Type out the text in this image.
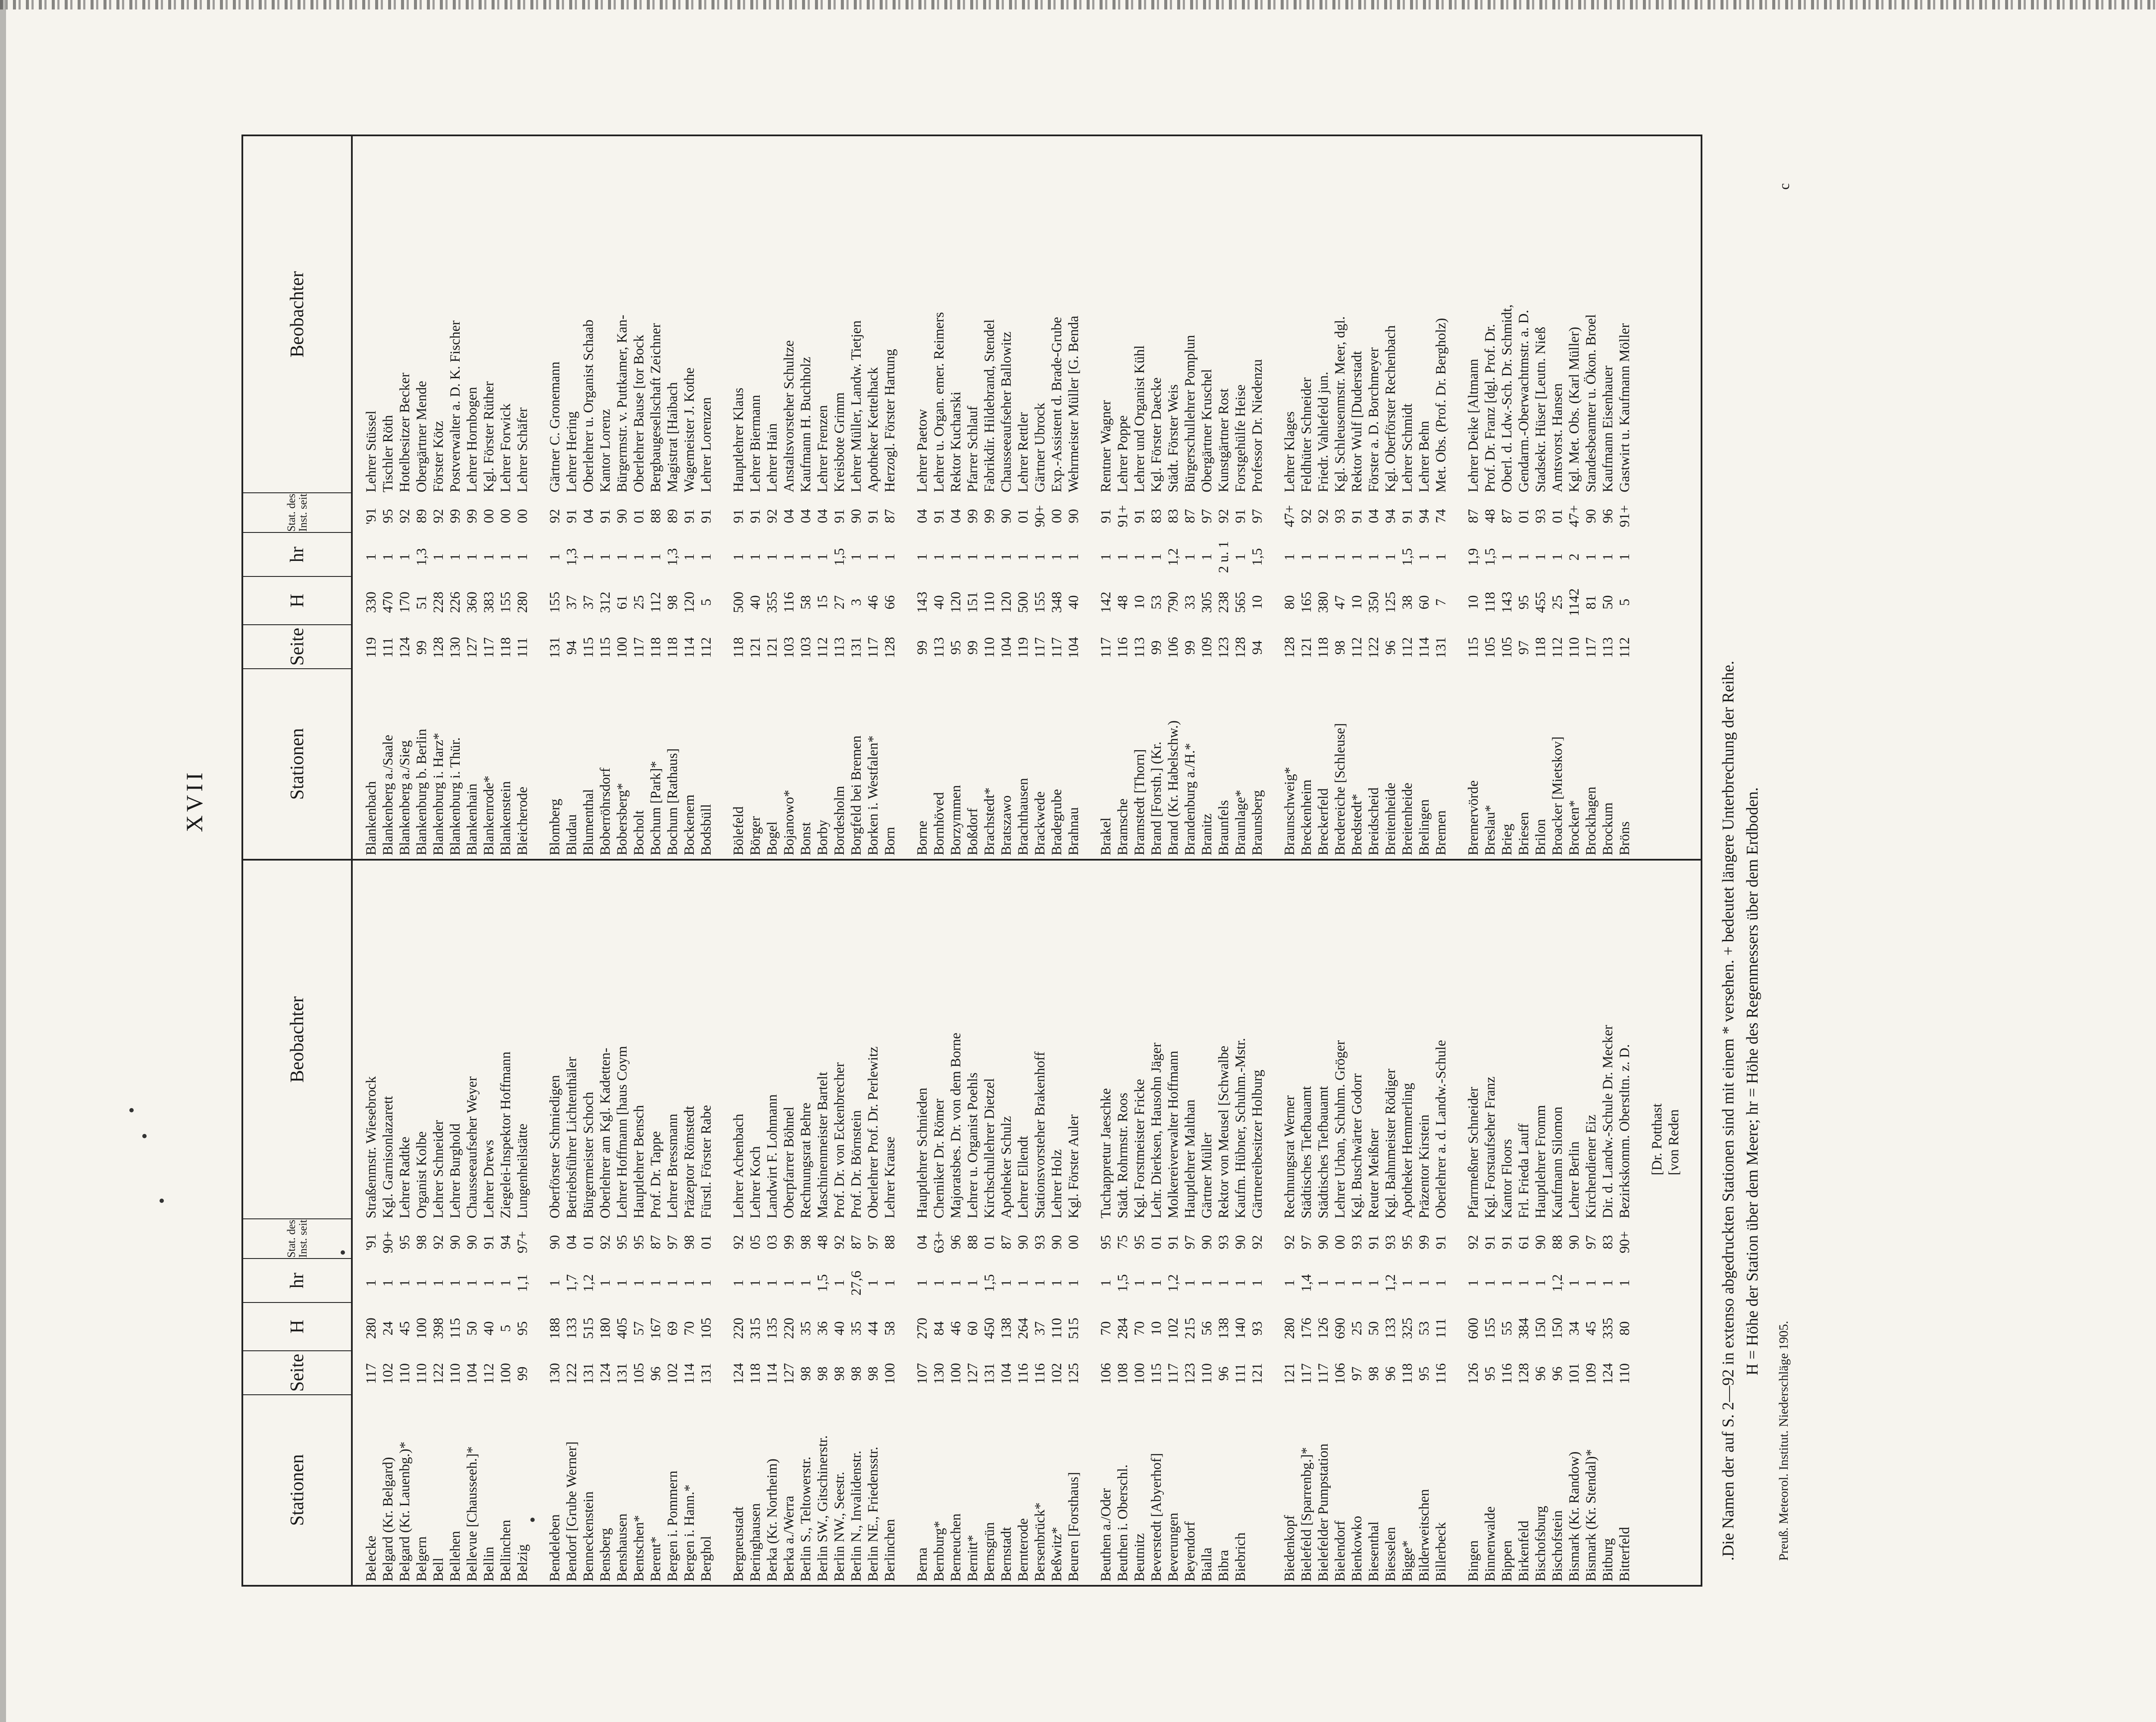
XVII
Stationen
Seite
H
hr
Stat. des Inst. seit
Beobachter
Belecke
117
280
1
'91
Straßenmstr. Wiesebrock
Belgard (Kr. Belgard)
102
24
1
90+
Kgl. Garnisonlazarett
Belgard (Kr. Lauenbg.)*
110
45
1
95
Lehrer Radtke
Belgern
110
100
1
98
Organist Kolbe
Bell
122
398
1
92
Lehrer Schneider
Bellehen
110
115
1
90
Lehrer Burghold
Bellevue [Chausseeh.]*
104
50
1
90
Chausseeaufseher Weyer
Bellin
112
40
1
91
Lehrer Drews
Bellinchen
100
5
1
94
Ziegelei-Inspektor Hoffmann
Belzig
99
95
1,1
97+
Lungenheilstätte
Bendeleben
130
188
1
90
Oberförster Schmiedigen
Bendorf [Grube Werner]
122
133
1,7
04
Betriebsführer Lichtenthäler
Benneckenstein
131
515
1,2
01
Bürgermeister Schoch
Bensberg
124
180
1
92
Oberlehrer am Kgl. Kadetten-
Benshausen
131
405
1
95
Lehrer Hoffmann [haus Coym
Bentschen*
105
57
1
95
Hauptlehrer Bensch
Berent*
96
167
1
87
Prof. Dr. Tappe
Bergen i. Pommern
102
69
1
97
Lehrer Bressmann
Bergen i. Hann.*
114
70
1
98
Präzeptor Römstedt
Berghol
131
105
1
01
Fürstl. Förster Rabe
Bergneustadt
124
220
1
92
Lehrer Achenbach
Beringhausen
118
315
1
05
Lehrer Koch
Berka (Kr. Northeim)
114
135
1
03
Landwirt F. Lohmann
Berka a./Werra
127
220
1
99
Oberpfarrer Böhnel
Berlin S., Teltowerstr.
98
35
1
98
Rechnungsrat Behre
Berlin SW., Gitschinerstr.
98
36
1,5
48
Maschinenmeister Bartelt
Berlin NW., Seestr.
98
40
1
92
Prof. Dr. von Eckenbrecher
Berlin N., Invalidenstr.
98
35
27,6
87
Prof. Dr. Börnstein
Berlin NE., Friedensstr.
98
44
1
97
Oberlehrer Prof. Dr. Perlewitz
Berlinchen
100
58
1
88
Lehrer Krause
Berna
107
270
1
04
Hauptlehrer Schnieden
Bernburg*
130
84
1
63+
Chemiker Dr. Römer
Berneuchen
100
46
1
96
Majoratsbes. Dr. von dem Borne
Bernitt*
127
60
1
88
Lehrer u. Organist Poehls
Bernsgrün
131
450
1,5
01
Kirchschullehrer Dietzel
Bernstadt
104
138
1
87
Apotheker Schulz
Bernterode
116
264
1
90
Lehrer Ellendt
Bersenbrück*
116
37
1
93
Stationsvorsteher Brakenhoff
Beßwitz*
102
110
1
90
Lehrer Holz
Beuren [Forsthaus]
125
515
1
00
Kgl. Förster Auler
Beuthen a./Oder
106
70
1
95
Tuchappretur Jaeschke
Beuthen i. Oberschl.
108
284
1,5
75
Städt. Rohrmstr. Roos
Beutnitz
100
70
1
95
Kgl. Forstmeister Fricke
Beverstedt [Abyerhof]
115
10
1
01
Lehr. Dierksen, Hausohn Jäger
Beverungen
117
102
1,2
91
Molkereiverwalter Hoffmann
Beyendorf
123
215
1
97
Hauptlehrer Malthan
Bialla
110
56
1
90
Gärtner Müller
Bibra
96
138
1
93
Rektor von Meusel [Schwalbe
Biebrich
111
140
1
90
Kaufm. Hübner, Schuhm.-Mstr.
121
93
1
92
Gärtnereibesitzer Holburg
Biedenkopf
121
280
1
92
Rechnungsrat Werner
Bielefeld [Sparrenbg.]*
117
176
1,4
97
Städtisches Tiefbauamt
Bielefelder Pumpstation
117
126
1
90
Städtisches Tiefbauamt
Bielendorf
106
690
1
00
Lehrer Urban, Schuhm. Gröger
Bienkowko
97
25
1
93
Kgl. Buschwärter Godorr
Biesenthal
98
50
1
91
Reuter Meißner
Biesselen
96
133
1,2
93
Kgl. Bahnmeister Rödiger
Bigge*
118
325
1
95
Apotheker Hemmerling
Bilderweitschen
95
53
1
99
Präzentor Kirstein
Billerbeck
116
111
1
91
Oberlehrer a. d. Landw.-Schule
Bingen
126
600
1
92
Pfarrmeßner Schneider
Binnenwalde
95
155
1
91
Kgl. Forstaufseher Franz
Bippen
116
55
1
91
Kantor Floors
Birkenfeld
128
384
1
61
Frl. Frieda Lauff
Bischofsburg
96
150
1
90
Hauptlehrer Fromm
Bischofstein
96
150
1,2
88
Kaufmann Silomon
Bismark (Kr. Randow)
101
34
1
90
Lehrer Berlin
Bismark (Kr. Stendal)*
109
45
1
97
Kirchendiener Eiz
Bitburg
124
335
1
83
Dir. d. Landw.-Schule Dr. Mecker
Bitterfeld
110
80
1
90+
Bezirkskomm. Oberstltn. z. D. [Dr. Potthast [von Reden
Stationen
Seite
H
hr
Stat. des Inst. seit
Beobachter
Blankenbach
119
330
1
'91
Lehrer Stüssel
Blankenberg a./Saale
111
470
1
95
Tischler Röth
Blankenberg a./Sieg
124
170
1
92
Hotelbesitzer Becker
Blankenburg b. Berlin
99
51
1,3
89
Obergärtner Mende
Blankenburg i. Harz*
128
228
1
92
Förster Kötz
Blankenburg i. Thür.
130
226
1
99
Postverwalter a. D. K. Fischer
Blankenhain
127
360
1
99
Lehrer Hornbogen
Blankenrode*
117
383
1
00
Kgl. Förster Rüther
Blankenstein
118
155
1
00
Lehrer Forwick
Bleicherode
111
280
1
00
Lehrer Schäfer
Blomberg
131
155
1
92
Gärtner C. Gronemann
Bludau
94
37
1,3
91
Lehrer Hering
Blumenthal
115
37
1
04
Oberlehrer u. Organist Schaab
Boberröhrsdorf
115
312
1
91
Kantor Lorenz
Bobersberg*
100
61
1
90
Bürgermstr. v. Puttkamer, Kan-
Bocholt
117
25
1
01
Oberlehrer Bause [tor Bock
Bochum [Park]*
118
112
1
88
Bergbaugesellschaft Zeichner
Bochum [Rathaus]
118
98
1,3
89
Magistrat [Haibach
Bockenem
114
120
1
91
Wagemeister J. Kothe
Bodsbüll
112
5
1
91
Lehrer Lorenzen
Bölefeld
118
500
1
91
Hauptlehrer Klaus
Börger
121
40
1
91
Lehrer Biermann
Bogel
121
355
1
92
Lehrer Hain
Bojanowo*
103
116
1
04
Anstaltsvorsteher Schultze
Bonst
103
58
1
04
Kaufmann H. Buchholz
Borby
112
15
1
04
Lehrer Frenzen
Bordesholm
113
27
1,5
91
Kreisbote Grimm
Borgfeld bei Bremen
131
3
1
90
Lehrer Müller, Landw. Tietjen
Borken i. Westfalen*
117
46
1
91
Apotheker Kettelhack
Born
128
66
1
87
Herzogl. Förster Hartung
Borne
99
143
1
04
Lehrer Paetow
Bornhöved
113
40
1
91
Lehrer u. Organ. emer. Reimers
Borzymmen
95
120
1
04
Rektor Kucharski
Boßdorf
99
151
1
99
Pfarrer Schlauf
Brachstedt*
110
110
1
99
Fabrikdir. Hildebrand, Stendel
Bratszawo
104
120
1
90
Chausseeaufseher Ballowitz
Brachthausen
119
500
1
01
Lehrer Rettler
Brackwede
117
155
1
90+
Gärtner Ubrock
Bradegrube
117
348
1
00
Exp.-Assistent d. Brade-Grube
Brahnau
104
40
1
90
Wehrmeister Müller [G. Benda
Brakel
117
142
1
91
Rentner Wagner
Bramsche
116
48
1
91+
Lehrer Poppe
Bramstedt [Thorn]
113
10
1
91
Lehrer und Organist Kühl
Brand [Forsth.] (Kr.
99
53
1
83
Kgl. Förster Daecke
Brand (Kr. Habelschw.)
106
790
1,2
83
Städt. Förster Weis
Brandenburg a./H.*
99
33
1
87
Bürgerschullehrer Pomplun
Branitz
109
305
1
97
Obergärtner Kruschel
Braunfels
123
238
2 u. 1
92
Kunstgärtner Rost
Braunlage*
128
565
1
91
Forstgehülfe Heise
Braunsberg
94
10
1,5
97
Professor Dr. Niedenzu
Braunschweig*
128
80
1
47+
Lehrer Klages
Breckenheim
121
165
1
92
Feldhüter Schneider
Breckerfeld
118
380
1
92
Friedr. Vahlefeld jun.
Bredereiche [Schleuse]
98
47
1
93
Kgl. Schleusenmstr. Meer, dgl.
Bredstedt*
112
10
1
91
Rektor Wulf [Duderstadt
Breidscheid
122
350
1
04
Förster a. D. Borchmeyer
Breitenheide
96
125
1
94
Kgl. Oberförster Rechenbach
Breitenheide
112
38
1,5
91
Lehrer Schmidt
Brelingen
114
60
1
94
Lehrer Behn
Bremen
131
7
1
74
Met. Obs. (Prof. Dr. Bergholz)
Bremervörde
115
10
1,9
87
Lehrer Deike [Altmann
Breslau*
105
118
1,5
48
Prof. Dr. Franz [dgl. Prof. Dr.
Brieg
105
143
1
87
Oberl. d. Ldw.-Sch. Dr. Schmidt,
Briesen
97
95
1
01
Gendarm.-Oberwachtmstr. a. D.
Brilon
118
455
1
93
Stadsekr. Hüser [Leutn. Nieß
Broacker [Mietskov]
112
25
1
01
Amtsvorst. Hansen
Brocken*
110
1142
2
47+
Kgl. Met. Obs. (Karl Müller)
Brockhagen
117
81
1
90
Standesbeamter u. Ökon. Broel
Brockum
113
50
1
96
Kaufmann Eisenhauer
Bröns
112
5
1
91+
Gastwirt u. Kaufmann Möller
.Die Namen der auf S. 2—92 in extenso abgedruckten Stationen sind mit einem * versehen. + bedeutet längere Unterbrechung der Reihe. H = Höhe der Station über dem Meere; hr = Höhe des Regenmessers über dem Erdboden.
Preuß. Meteorol. Institut. Niederschläge 1905.
c
